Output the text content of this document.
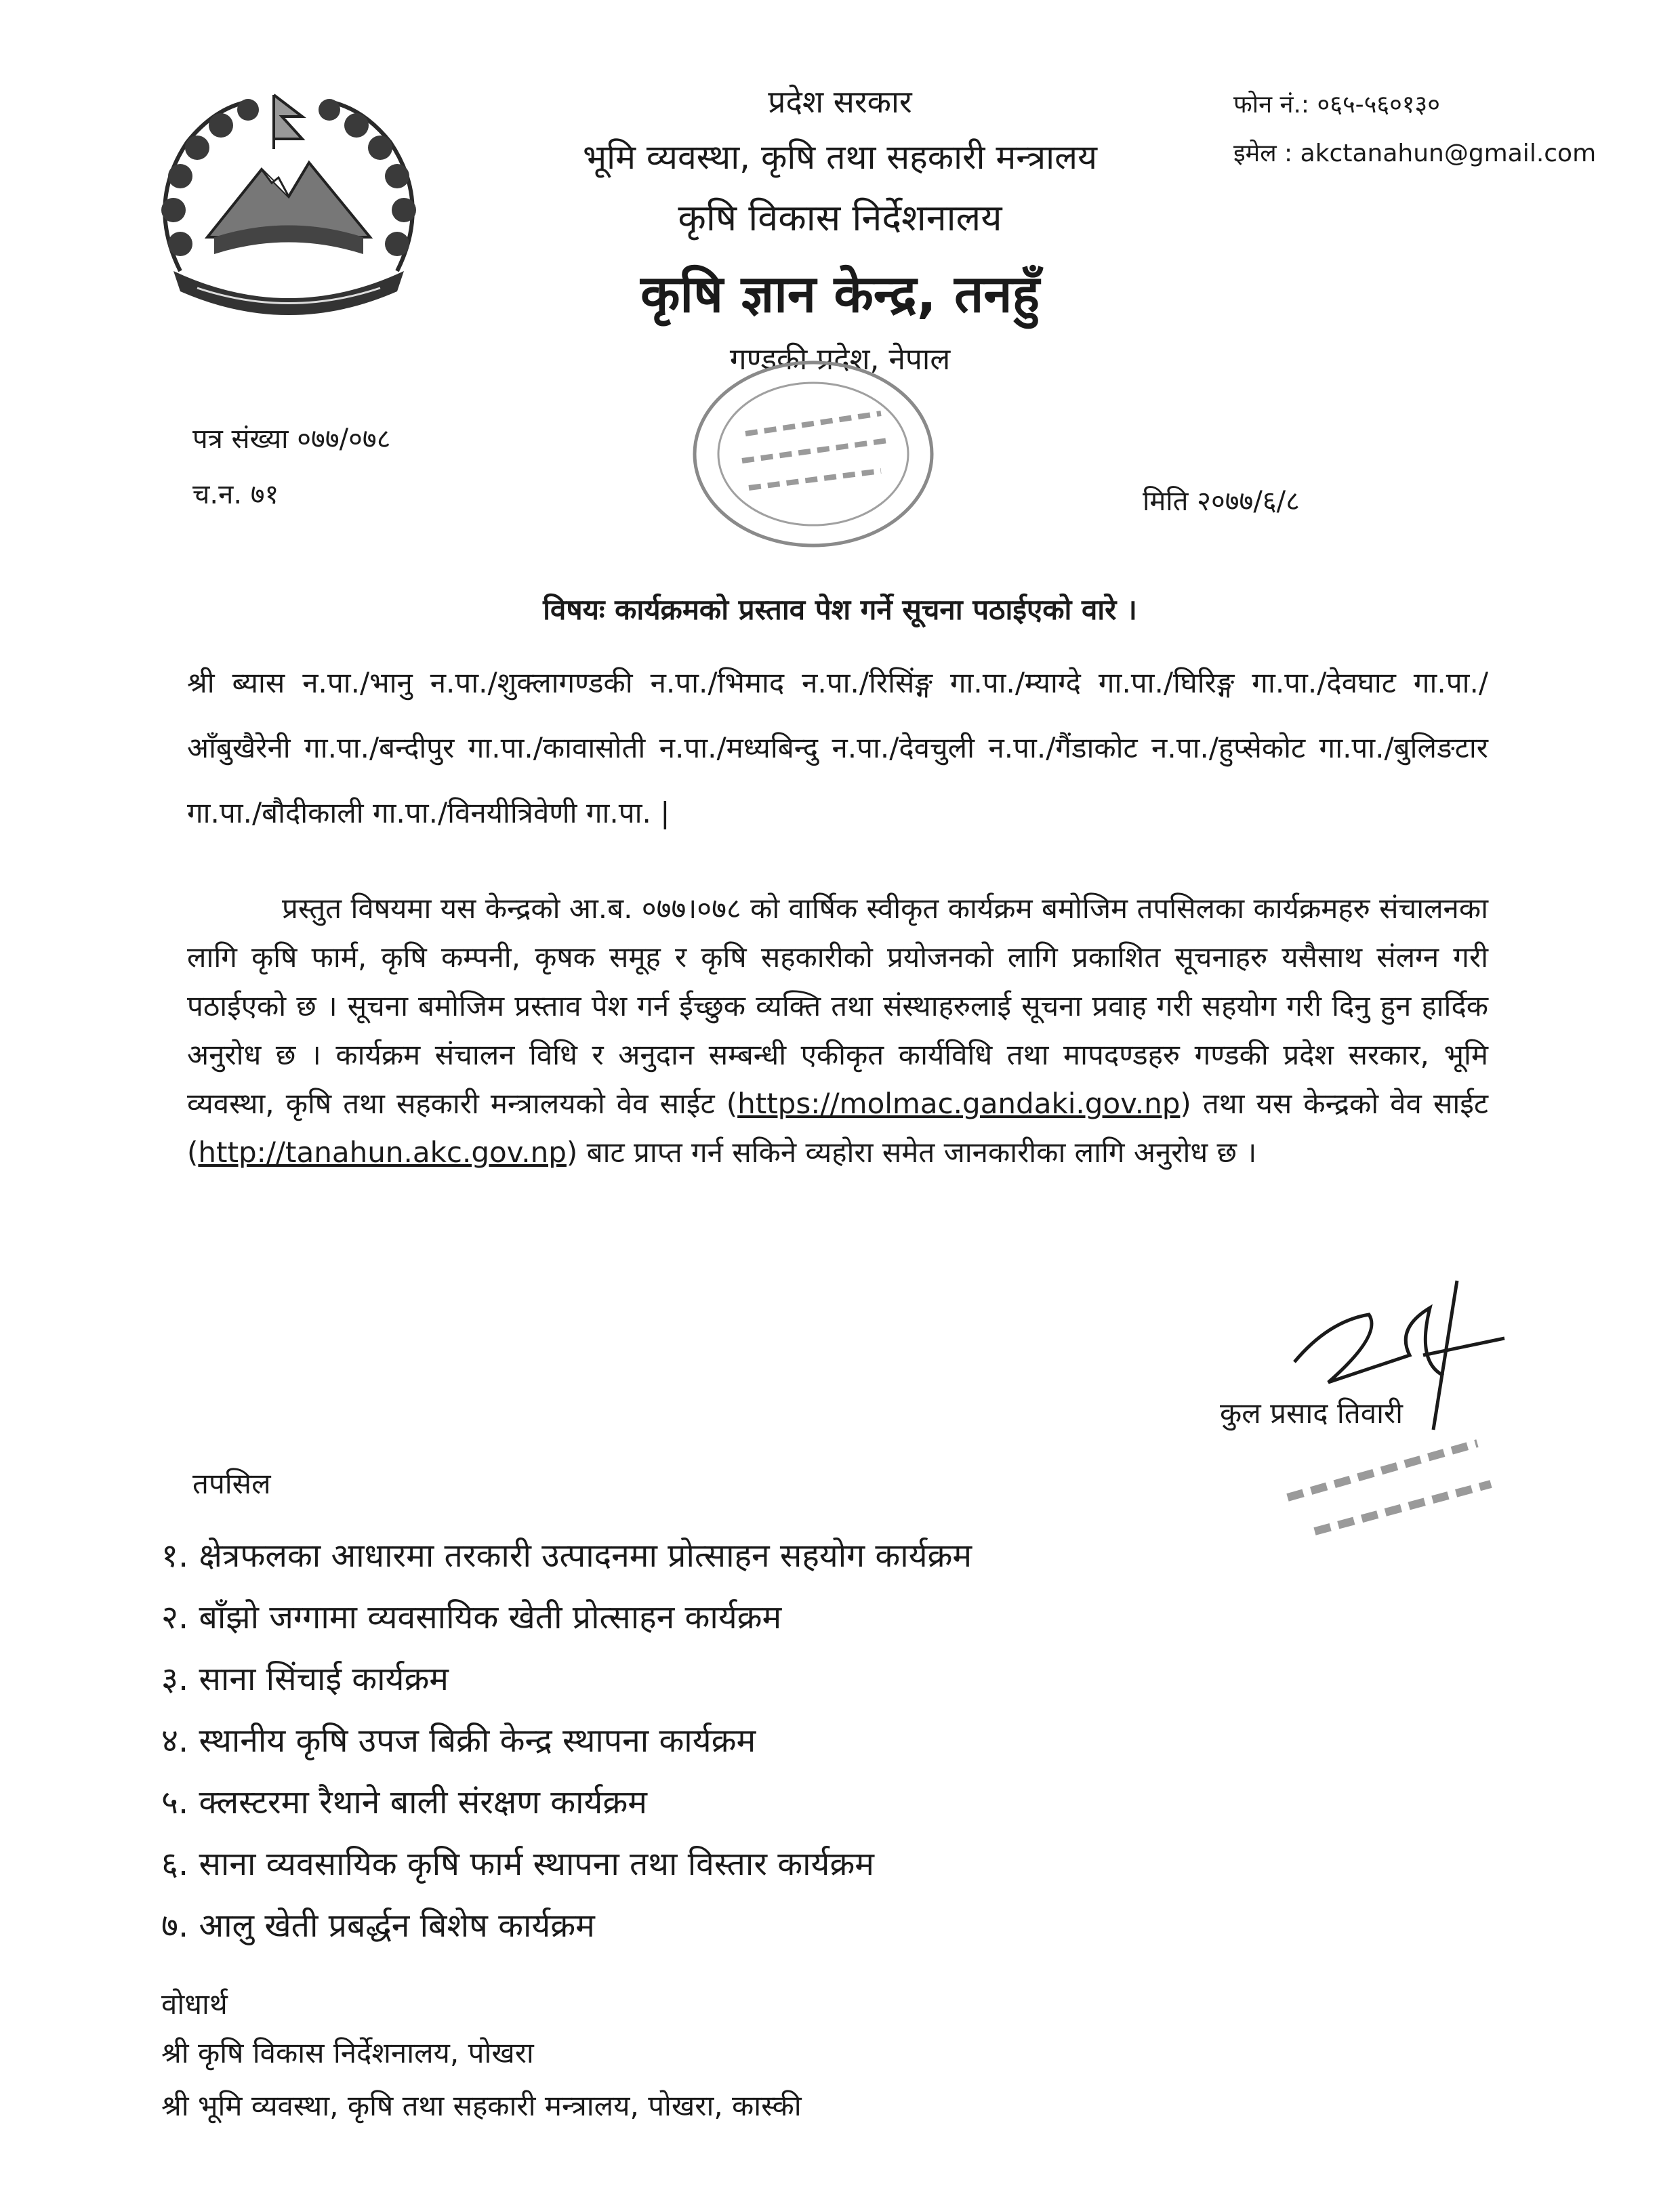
प्रदेश सरकार
भूमि व्यवस्था, कृषि तथा सहकारी मन्त्रालय
कृषि विकास निर्देशनालय
कृषि ज्ञान केन्द्र, तनहुँ
गण्डकी प्रदेश, नेपाल
फोन नं.: ०६५-५६०१३०
इमेल : akctanahun@gmail.com
पत्र संख्या ०७७/०७८
च.न. ७१	मिति २०७७/६/८
विषयः कार्यक्रमको प्रस्ताव पेश गर्ने सूचना पठाईएको वारे ।
श्री ब्यास न.पा./भानु न.पा./शुक्लागण्डकी न.पा./भिमाद न.पा./रिसिंङ्ग गा.पा./म्याग्दे गा.पा./घिरिङ्ग गा.पा./देवघाट गा.पा./आँबुखैरेनी गा.पा./बन्दीपुर गा.पा./कावासोती न.पा./मध्यबिन्दु न.पा./देवचुली न.पा./गैंडाकोट न.पा./हुप्सेकोट गा.पा./बुलिङटार गा.पा./बौदीकाली गा.पा./विनयीत्रिवेणी गा.पा. |
प्रस्तुत विषयमा यस केन्द्रको आ.ब. ०७७।०७८ को वार्षिक स्वीकृत कार्यक्रम बमोजिम तपसिलका कार्यक्रमहरु संचालनका लागि कृषि फार्म, कृषि कम्पनी, कृषक समूह र कृषि सहकारीको प्रयोजनको लागि प्रकाशित सूचनाहरु यसैसाथ संलग्न गरी पठाईएको छ । सूचना बमोजिम प्रस्ताव पेश गर्न ईच्छुक व्यक्ति तथा संस्थाहरुलाई सूचना प्रवाह गरी सहयोग गरी दिनु हुन हार्दिक अनुरोध छ । कार्यक्रम संचालन विधि र अनुदान सम्बन्धी एकीकृत कार्यविधि तथा मापदण्डहरु गण्डकी प्रदेश सरकार, भूमि व्यवस्था, कृषि तथा सहकारी मन्त्रालयको वेव साईट (https://molmac.gandaki.gov.np) तथा यस केन्द्रको वेव साईट (http://tanahun.akc.gov.np) बाट प्राप्त गर्न सकिने व्यहोरा समेत जानकारीका लागि अनुरोध छ ।
कुल प्रसाद तिवारी
तपसिल
१. क्षेत्रफलका आधारमा तरकारी उत्पादनमा प्रोत्साहन सहयोग कार्यक्रम
२. बाँझो जग्गामा व्यवसायिक खेती प्रोत्साहन कार्यक्रम
३. साना सिंचाई कार्यक्रम
४. स्थानीय कृषि उपज बिक्री केन्द्र स्थापना कार्यक्रम
५. क्लस्टरमा रैथाने बाली संरक्षण कार्यक्रम
६. साना व्यवसायिक कृषि फार्म स्थापना तथा विस्तार कार्यक्रम
७. आलु खेती प्रबर्द्धन बिशेष कार्यक्रम
वोधार्थ
श्री कृषि विकास निर्देशनालय, पोखरा
श्री भूमि व्यवस्था, कृषि तथा सहकारी मन्त्रालय, पोखरा, कास्की
